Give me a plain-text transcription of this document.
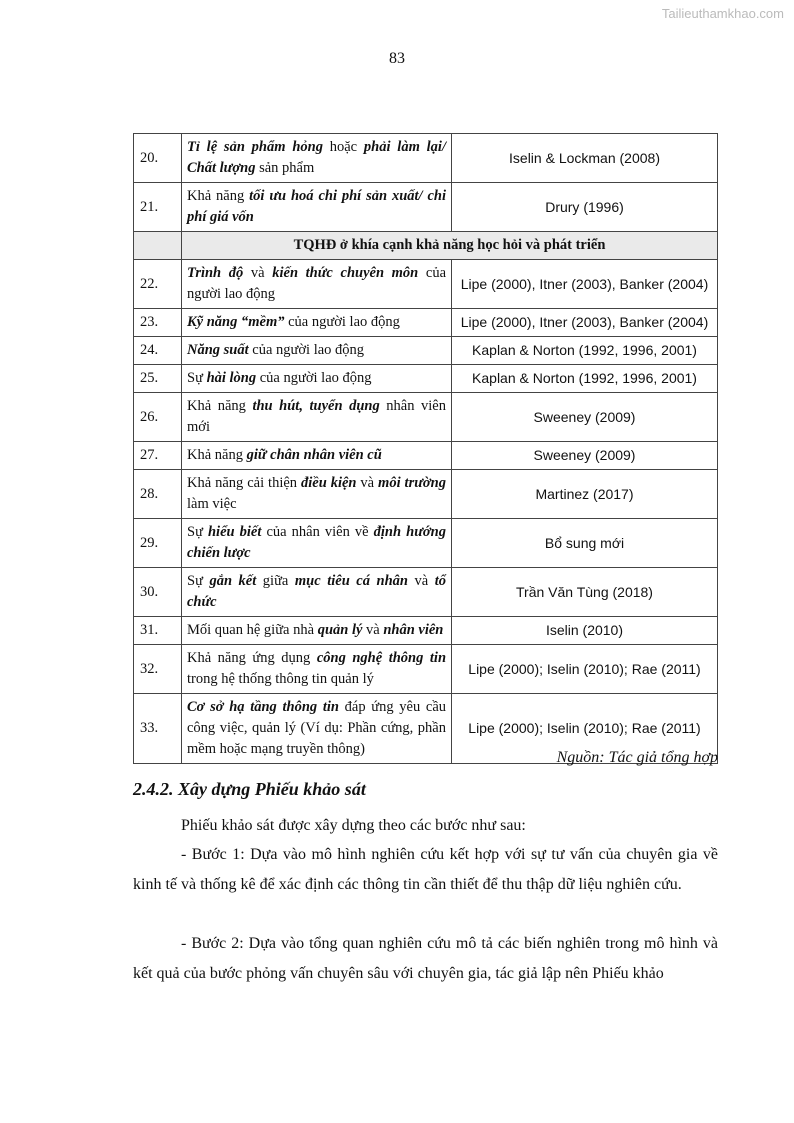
Tailieuthamkhao.com
83
20.	Tỉ lệ sản phẩm hỏng hoặc phải làm lại/ Chất lượng sản phẩm	Iselin & Lockman (2008)
21.	Khả năng tối ưu hoá chi phí sản xuất/ chi phí giá vốn	Drury (1996)
	TQHĐ ở khía cạnh khả năng học hỏi và phát triển	
22.	Trình độ và kiến thức chuyên môn của người lao động	Lipe (2000), Itner (2003), Banker (2004)
23.	Kỹ năng “mềm” của người lao động	Lipe (2000), Itner (2003), Banker (2004)
24.	Năng suất của người lao động	Kaplan & Norton (1992, 1996, 2001)
25.	Sự hài lòng của người lao động	Kaplan & Norton (1992, 1996, 2001)
26.	Khả năng thu hút, tuyển dụng nhân viên mới	Sweeney (2009)
27.	Khả năng giữ chân nhân viên cũ	Sweeney (2009)
28.	Khả năng cải thiện điều kiện và môi trường làm việc	Martinez (2017)
29.	Sự hiểu biết của nhân viên về định hướng chiến lược	Bổ sung mới
30.	Sự gắn kết giữa mục tiêu cá nhân và tổ chức	Trần Văn Tùng (2018)
31.	Mối quan hệ giữa nhà quản lý và nhân viên	Iselin (2010)
32.	Khả năng ứng dụng công nghệ thông tin trong hệ thống thông tin quản lý	Lipe (2000); Iselin (2010); Rae (2011)
33.	Cơ sở hạ tầng thông tin đáp ứng yêu cầu công việc, quản lý (Ví dụ: Phần cứng, phần mềm hoặc mạng truyền thông)	Lipe (2000); Iselin (2010); Rae (2011)
Nguồn: Tác giả tổng hợp
2.4.2. Xây dựng Phiếu khảo sát
Phiếu khảo sát được xây dựng theo các bước như sau:
- Bước 1: Dựa vào mô hình nghiên cứu kết hợp với sự tư vấn của chuyên gia về kinh tế và thống kê để xác định các thông tin cần thiết để thu thập dữ liệu nghiên cứu.
- Bước 2: Dựa vào tổng quan nghiên cứu mô tả các biến nghiên trong mô hình và kết quả của bước phỏng vấn chuyên sâu với chuyên gia, tác giả lập nên Phiếu khảo
